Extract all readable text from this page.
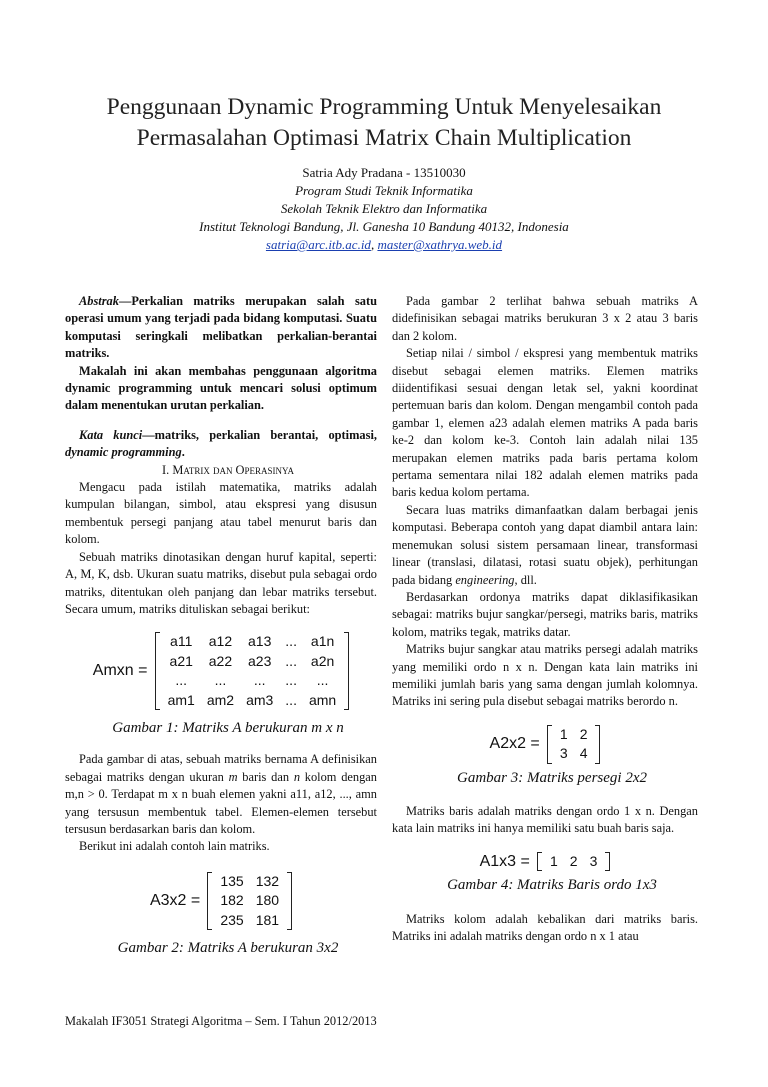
Penggunaan Dynamic Programming Untuk Menyelesaikan Permasalahan Optimasi Matrix Chain Multiplication
Satria Ady Pradana - 13510030
Program Studi Teknik Informatika
Sekolah Teknik Elektro dan Informatika
Institut Teknologi Bandung, Jl. Ganesha 10 Bandung 40132, Indonesia
satria@arc.itb.ac.id, master@xathrya.web.id

Abstrak—Perkalian matriks merupakan salah satu operasi umum yang terjadi pada bidang komputasi. Suatu komputasi seringkali melibatkan perkalian-berantai matriks.

Makalah ini akan membahas penggunaan algoritma dynamic programming untuk mencari solusi optimum dalam menentukan urutan perkalian.

Kata kunci—matriks, perkalian berantai, optimasi, dynamic programming.

I. Matrix dan Operasinya

Mengacu pada istilah matematika, matriks adalah kumpulan bilangan, simbol, atau ekspresi yang disusun membentuk persegi panjang atau tabel menurut baris dan kolom.

Sebuah matriks dinotasikan dengan huruf kapital, seperti: A, M, K, dsb. Ukuran suatu matriks, disebut pula sebagai ordo matriks, ditentukan oleh panjang dan lebar matriks tersebut. Secara umum, matriks dituliskan sebagai berikut:

Amxn =
a11	a12	a13	...	a1n
a21	a22	a23	...	a2n
...	...	...	...	...
am1	am2	am3	...	amn

Gambar 1: Matriks A berukuran m x n

Pada gambar di atas, sebuah matriks bernama A definisikan sebagai matriks dengan ukuran m baris dan n kolom dengan m,n > 0. Terdapat m x n buah elemen yakni a11, a12, ..., amn yang tersusun membentuk tabel. Elemen-elemen tersebut tersusun berdasarkan baris dan kolom.

Berikut ini adalah contoh lain matriks.

A3x2 =
135	132
182	180
235	181

Gambar 2: Matriks A berukuran 3x2

Pada gambar 2 terlihat bahwa sebuah matriks A didefinisikan sebagai matriks berukuran 3 x 2 atau 3 baris dan 2 kolom.

Setiap nilai / simbol / ekspresi yang membentuk matriks disebut sebagai elemen matriks. Elemen matriks diidentifikasi sesuai dengan letak sel, yakni koordinat pertemuan baris dan kolom. Dengan mengambil contoh pada gambar 1, elemen a23 adalah elemen matriks A pada baris ke-2 dan kolom ke-3. Contoh lain adalah nilai 135 merupakan elemen matriks pada baris pertama kolom pertama sementara nilai 182 adalah elemen matriks pada baris kedua kolom pertama.

Secara luas matriks dimanfaatkan dalam berbagai jenis komputasi. Beberapa contoh yang dapat diambil antara lain: menemukan solusi sistem persamaan linear, transformasi linear (translasi, dilatasi, rotasi suatu objek), perhitungan pada bidang engineering, dll.

Berdasarkan ordonya matriks dapat diklasifikasikan sebagai: matriks bujur sangkar/persegi, matriks baris, matriks kolom, matriks tegak, matriks datar.

Matriks bujur sangkar atau matriks persegi adalah matriks yang memiliki ordo n x n. Dengan kata lain matriks ini memiliki jumlah baris yang sama dengan jumlah kolomnya. Matriks ini sering pula disebut sebagai matriks berordo n.

A2x2 =
1	2
3	4

Gambar 3: Matriks persegi 2x2

Matriks baris adalah matriks dengan ordo 1 x n. Dengan kata lain matriks ini hanya memiliki satu buah baris saja.

A1x3 = 1	2	3

Gambar 4: Matriks Baris ordo 1x3

Matriks kolom adalah kebalikan dari matriks baris. Matriks ini adalah matriks dengan ordo n x 1 atau

Makalah IF3051 Strategi Algoritma – Sem. I Tahun 2012/2013
